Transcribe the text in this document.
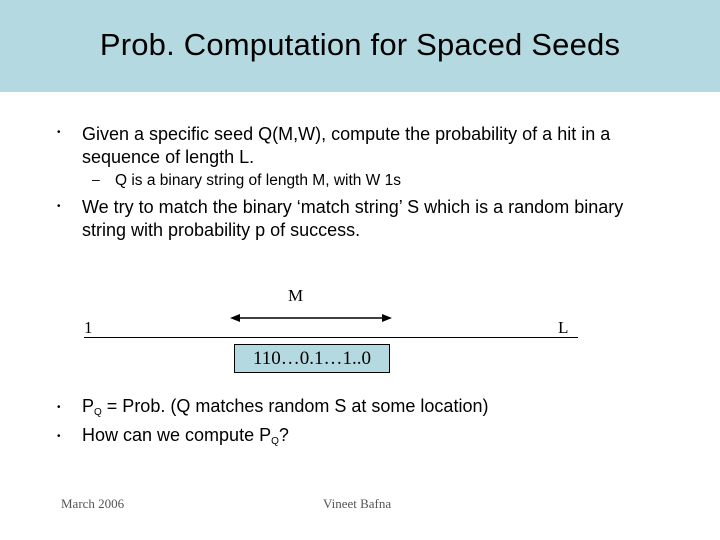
Prob. Computation for Spaced Seeds
• Given a specific seed Q(M,W), compute the probability of a hit in a sequence of length L.
– Q is a binary string of length M, with W 1s
• We try to match the binary ‘match string’ S which is a random binary string with probability p of success.
M
1	L
110…0.1…1..0
• $P_Q$ = Prob. (Q matches random S at some location)
• How can we compute $P_Q$?
March 2006	Vineet Bafna
